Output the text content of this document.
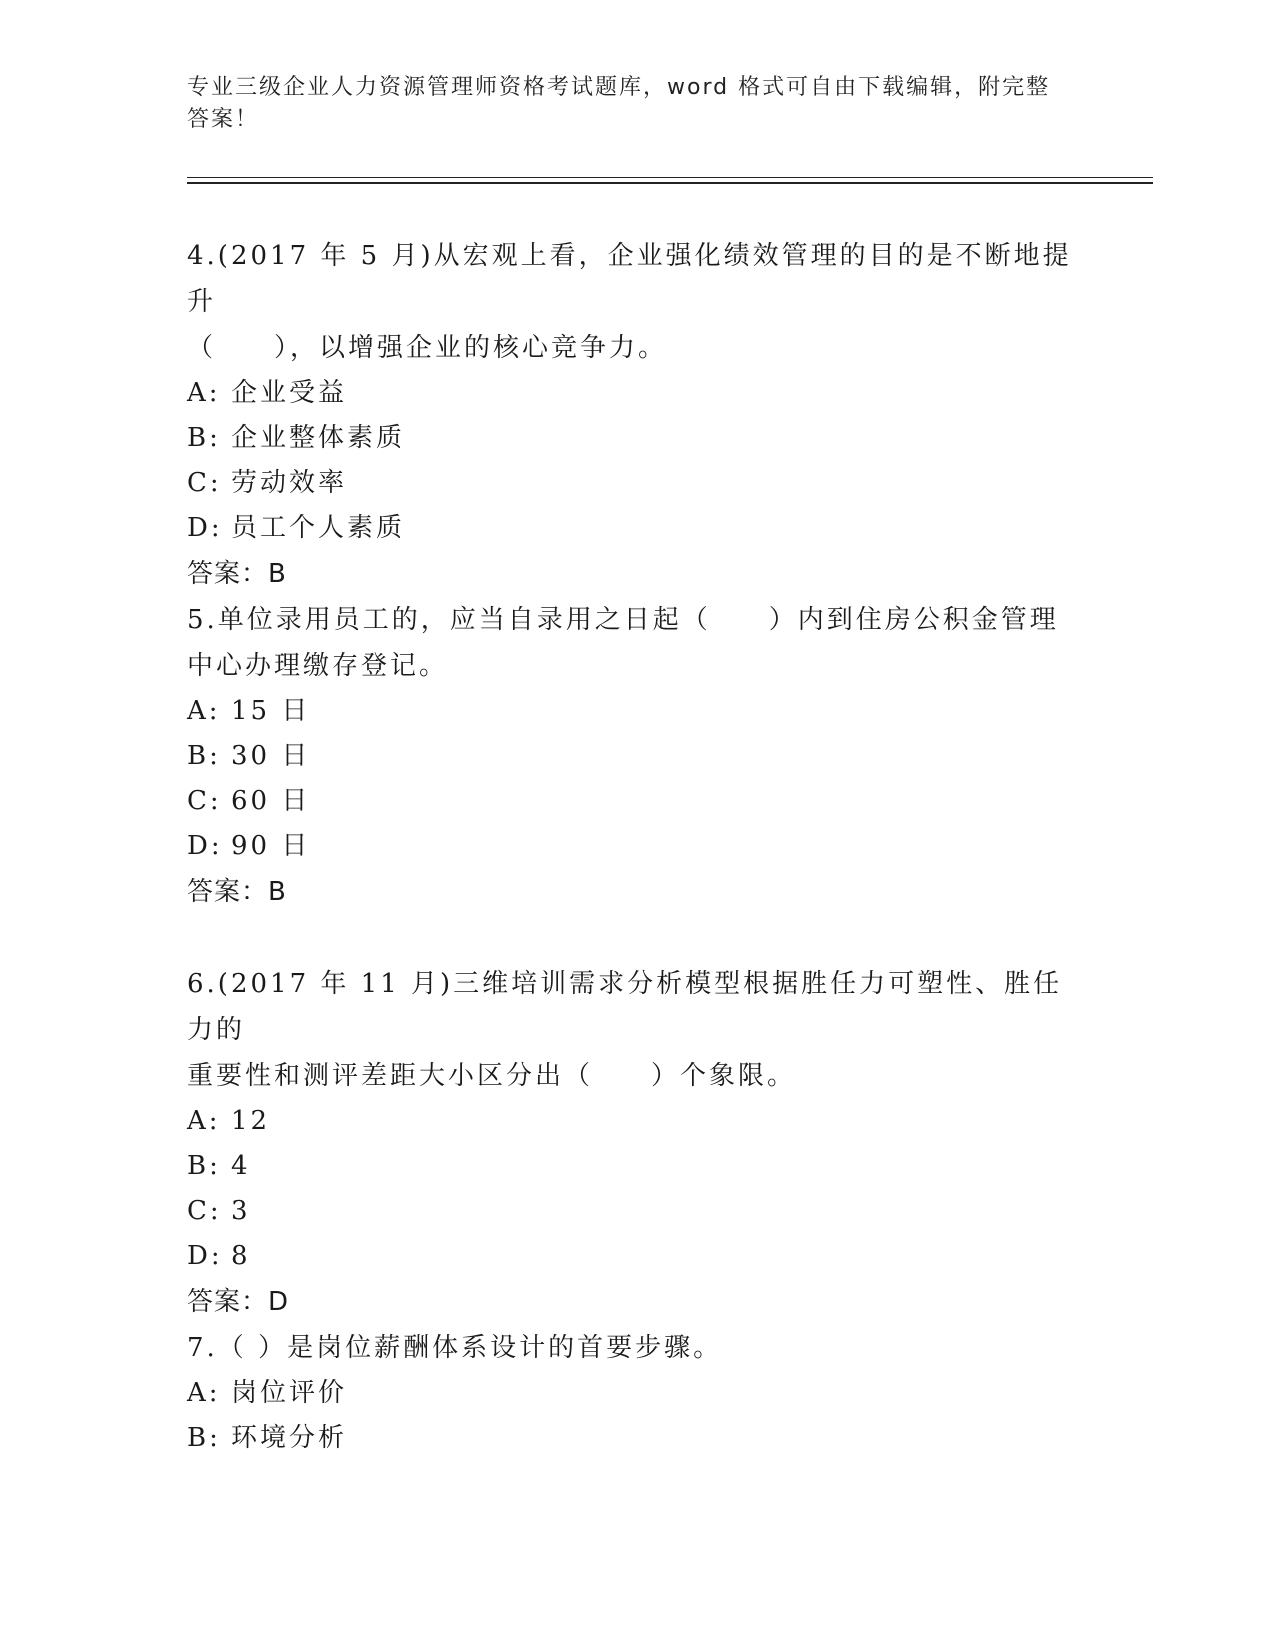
专业三级企业人力资源管理师资格考试题库，word 格式可自由下载编辑，附完整
答案！
4.(2017 年 5 月)从宏观上看，企业强化绩效管理的目的是不断地提升
（　　），以增强企业的核心竞争力。
A: 企业受益
B: 企业整体素质
C: 劳动效率
D: 员工个人素质
答案：B
5.单位录用员工的，应当自录用之日起（　　）内到住房公积金管理
中心办理缴存登记。
A: 15 日
B: 30 日
C: 60 日
D: 90 日
答案：B
6.(2017 年 11 月)三维培训需求分析模型根据胜任力可塑性、胜任力的
重要性和测评差距大小区分出（　　）个象限。
A: 12
B: 4
C: 3
D: 8
答案：D
7.（ ）是岗位薪酬体系设计的首要步骤。
A: 岗位评价
B: 环境分析
